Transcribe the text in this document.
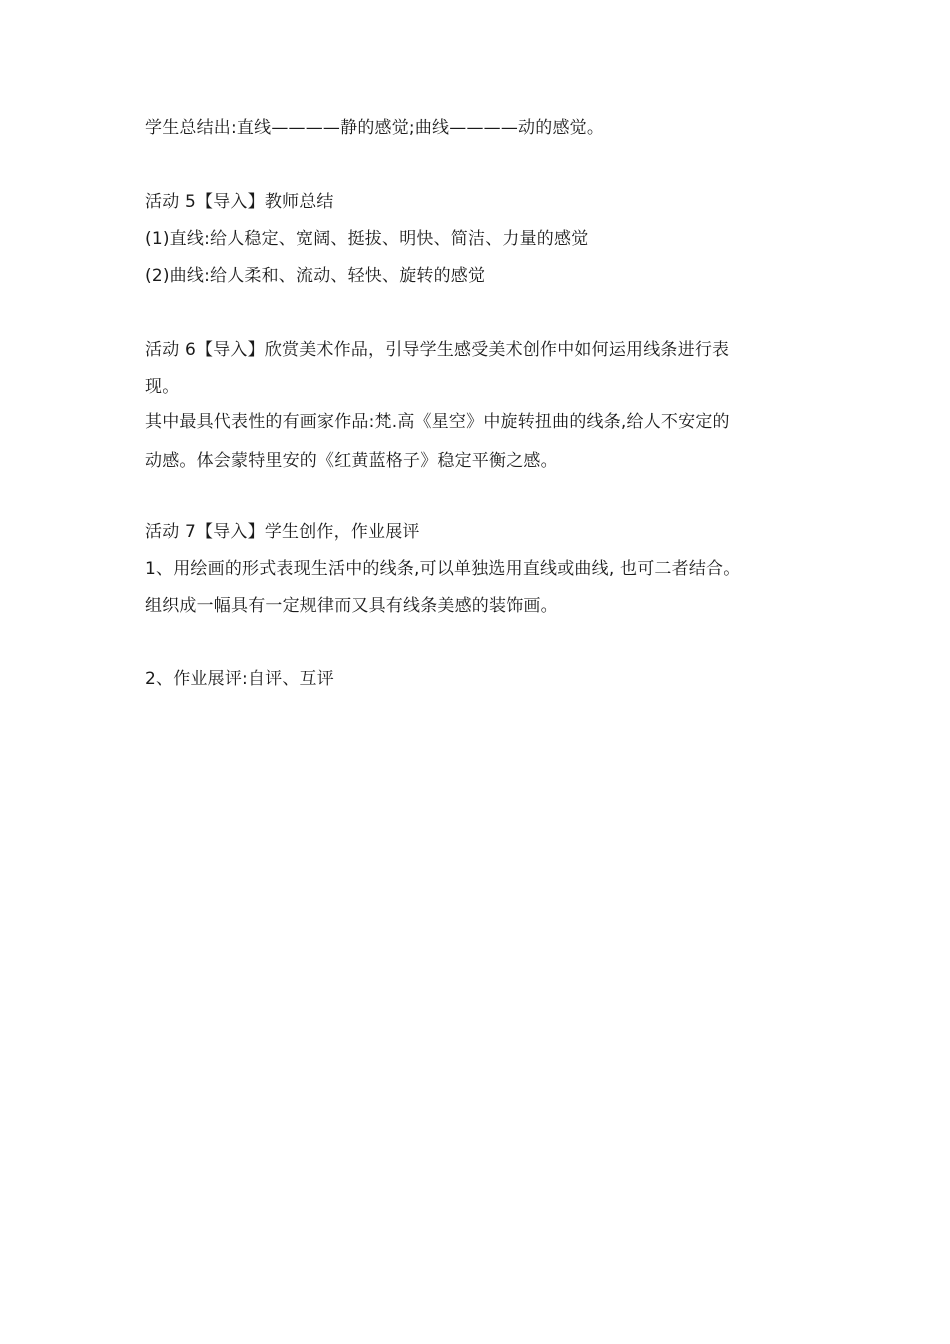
学生总结出:直线————静的感觉;曲线————动的感觉。
活动 5【导入】教师总结
(1)直线:给人稳定、宽阔、挺拔、明快、简洁、力量的感觉
(2)曲线:给人柔和、流动、轻快、旋转的感觉
活动 6【导入】欣赏美术作品，引导学生感受美术创作中如何运用线条进行表
现。
其中最具代表性的有画家作品:梵.高《星空》中旋转扭曲的线条,给人不安定的
动感。体会蒙特里安的《红黄蓝格子》稳定平衡之感。
活动 7【导入】学生创作，作业展评
1、用绘画的形式表现生活中的线条,可以单独选用直线或曲线, 也可二者结合。
组织成一幅具有一定规律而又具有线条美感的装饰画。
2、作业展评:自评、互评
